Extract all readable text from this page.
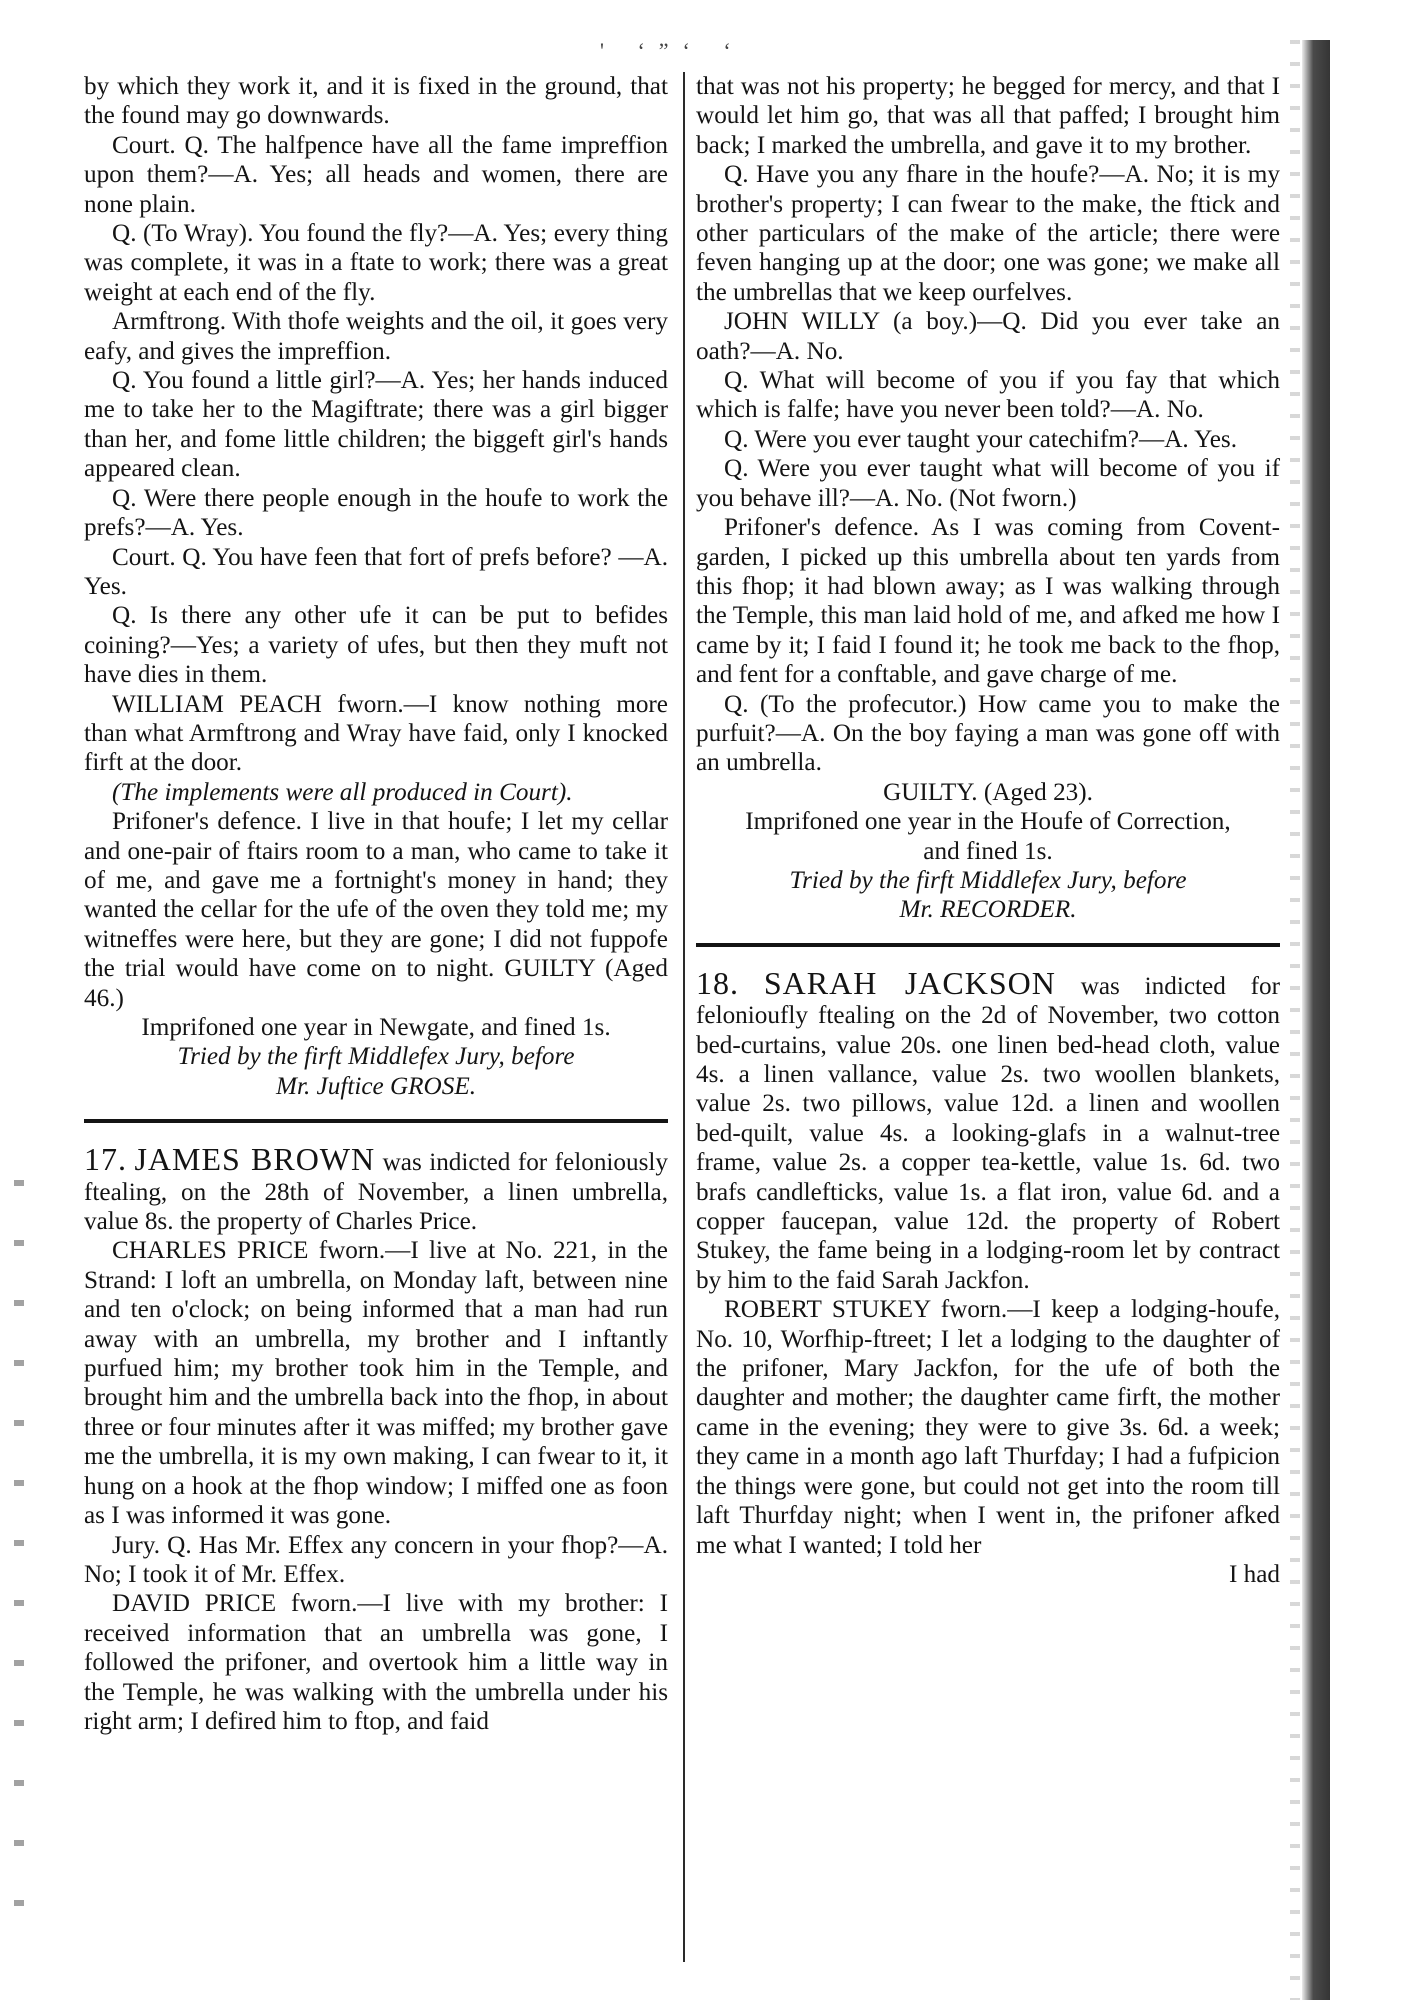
' ‘”‘ ‘

by which they work it, and it is fixed in the ground, that the found may go downwards.

Court. Q. The halfpence have all the fame impreffion upon them?—A. Yes; all heads and women, there are none plain.

Q. (To Wray). You found the fly?—A. Yes; every thing was complete, it was in a ftate to work; there was a great weight at each end of the fly.

Armftrong. With thofe weights and the oil, it goes very eafy, and gives the impreffion.

Q. You found a little girl?—A. Yes; her hands induced me to take her to the Magiftrate; there was a girl bigger than her, and fome little children; the biggeft girl's hands appeared clean.

Q. Were there people enough in the houfe to work the prefs?—A. Yes.

Court. Q. You have feen that fort of prefs before? —A. Yes.

Q. Is there any other ufe it can be put to befides coining?—Yes; a variety of ufes, but then they muft not have dies in them.

WILLIAM PEACH fworn.—I know nothing more than what Armftrong and Wray have faid, only I knocked firft at the door.

(The implements were all produced in Court).

Prifoner's defence. I live in that houfe; I let my cellar and one-pair of ftairs room to a man, who came to take it of me, and gave me a fortnight's money in hand; they wanted the cellar for the ufe of the oven they told me; my witneffes were here, but they are gone; I did not fuppofe the trial would have come on to night. GUILTY (Aged 46.)

Imprifoned one year in Newgate, and fined 1s.

Tried by the firft Middlefex Jury, before

Mr. Juftice GROSE.

17. JAMES BROWN was indicted for feloniously ftealing, on the 28th of November, a linen umbrella, value 8s. the property of Charles Price.

CHARLES PRICE fworn.—I live at No. 221, in the Strand: I loft an umbrella, on Monday laft, between nine and ten o'clock; on being informed that a man had run away with an umbrella, my brother and I inftantly purfued him; my brother took him in the Temple, and brought him and the umbrella back into the fhop, in about three or four minutes after it was miffed; my brother gave me the umbrella, it is my own making, I can fwear to it, it hung on a hook at the fhop window; I miffed one as foon as I was informed it was gone.

Jury. Q. Has Mr. Effex any concern in your fhop?—A. No; I took it of Mr. Effex.

DAVID PRICE fworn.—I live with my brother: I received information that an umbrella was gone, I followed the prifoner, and overtook him a little way in the Temple, he was walking with the umbrella under his right arm; I defired him to ftop, and faid

that was not his property; he begged for mercy, and that I would let him go, that was all that paffed; I brought him back; I marked the umbrella, and gave it to my brother.

Q. Have you any fhare in the houfe?—A. No; it is my brother's property; I can fwear to the make, the ftick and other particulars of the make of the article; there were feven hanging up at the door; one was gone; we make all the umbrellas that we keep ourfelves.

JOHN WILLY (a boy.)—Q. Did you ever take an oath?—A. No.

Q. What will become of you if you fay that which which is falfe; have you never been told?—A. No.

Q. Were you ever taught your catechifm?—A. Yes.

Q. Were you ever taught what will become of you if you behave ill?—A. No. (Not fworn.)

Prifoner's defence. As I was coming from Covent-garden, I picked up this umbrella about ten yards from this fhop; it had blown away; as I was walking through the Temple, this man laid hold of me, and afked me how I came by it; I faid I found it; he took me back to the fhop, and fent for a conftable, and gave charge of me.

Q. (To the profecutor.) How came you to make the purfuit?—A. On the boy faying a man was gone off with an umbrella.

GUILTY. (Aged 23).

Imprifoned one year in the Houfe of Correction,

and fined 1s.

Tried by the firft Middlefex Jury, before

Mr. RECORDER.

18. SARAH JACKSON was indicted for felonioufly ftealing on the 2d of November, two cotton bed-curtains, value 20s. one linen bed-head cloth, value 4s. a linen vallance, value 2s. two woollen blankets, value 2s. two pillows, value 12d. a linen and woollen bed-quilt, value 4s. a looking-glafs in a walnut-tree frame, value 2s. a copper tea-kettle, value 1s. 6d. two brafs candlefticks, value 1s. a flat iron, value 6d. and a copper faucepan, value 12d. the property of Robert Stukey, the fame being in a lodging-room let by contract by him to the faid Sarah Jackfon.

ROBERT STUKEY fworn.—I keep a lodging-houfe, No. 10, Worfhip-ftreet; I let a lodging to the daughter of the prifoner, Mary Jackfon, for the ufe of both the daughter and mother; the daughter came firft, the mother came in the evening; they were to give 3s. 6d. a week; they came in a month ago laft Thurfday; I had a fufpicion the things were gone, but could not get into the room till laft Thurfday night; when I went in, the prifoner afked me what I wanted; I told her

I had
